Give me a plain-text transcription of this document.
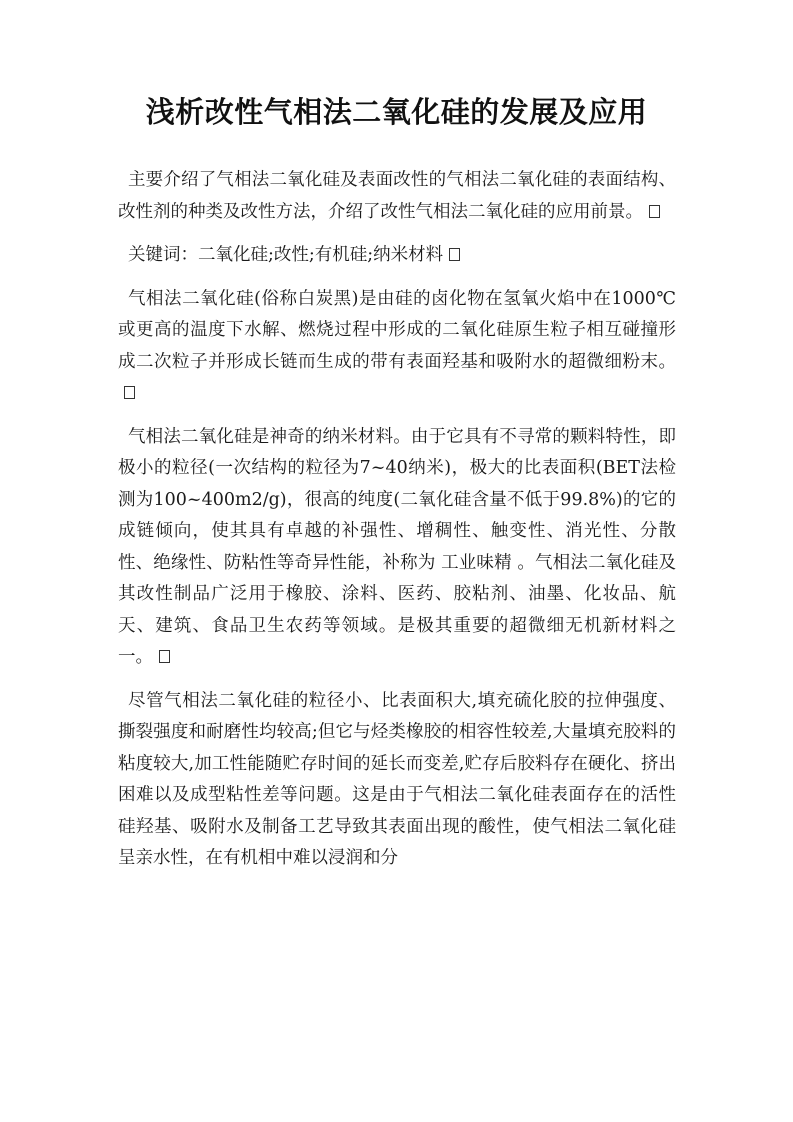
浅析改性气相法二氧化硅的发展及应用

主要介绍了气相法二氧化硅及表面改性的气相法二氧化硅的表面结构、改性剂的种类及改性方法，介绍了改性气相法二氧化硅的应用前景。

关键词：二氧化硅;改性;有机硅;纳米材料

气相法二氧化硅(俗称白炭黑)是由硅的卤化物在氢氧火焰中在1000℃或更高的温度下水解、燃烧过程中形成的二氧化硅原生粒子相互碰撞形成二次粒子并形成长链而生成的带有表面羟基和吸附水的超微细粉末。

气相法二氧化硅是神奇的纳米材料。由于它具有不寻常的颗料特性，即极小的粒径(一次结构的粒径为7~40纳米)，极大的比表面积(BET法检测为100~400m2/g)，很高的纯度(二氧化硅含量不低于99.8%)的它的成链倾向，使其具有卓越的补强性、增稠性、触变性、消光性、分散性、绝缘性、防粘性等奇异性能，补称为 工业味精 。气相法二氧化硅及其改性制品广泛用于橡胶、涂料、医药、胶粘剂、油墨、化妆品、航天、建筑、食品卫生农药等领域。是极其重要的超微细无机新材料之一。

尽管气相法二氧化硅的粒径小、比表面积大,填充硫化胶的拉伸强度、撕裂强度和耐磨性均较高;但它与烃类橡胶的相容性较差,大量填充胶料的粘度较大,加工性能随贮存时间的延长而变差,贮存后胶料存在硬化、挤出困难以及成型粘性差等问题。这是由于气相法二氧化硅表面存在的活性硅羟基、吸附水及制备工艺导致其表面出现的酸性，使气相法二氧化硅呈亲水性，在有机相中难以浸润和分
